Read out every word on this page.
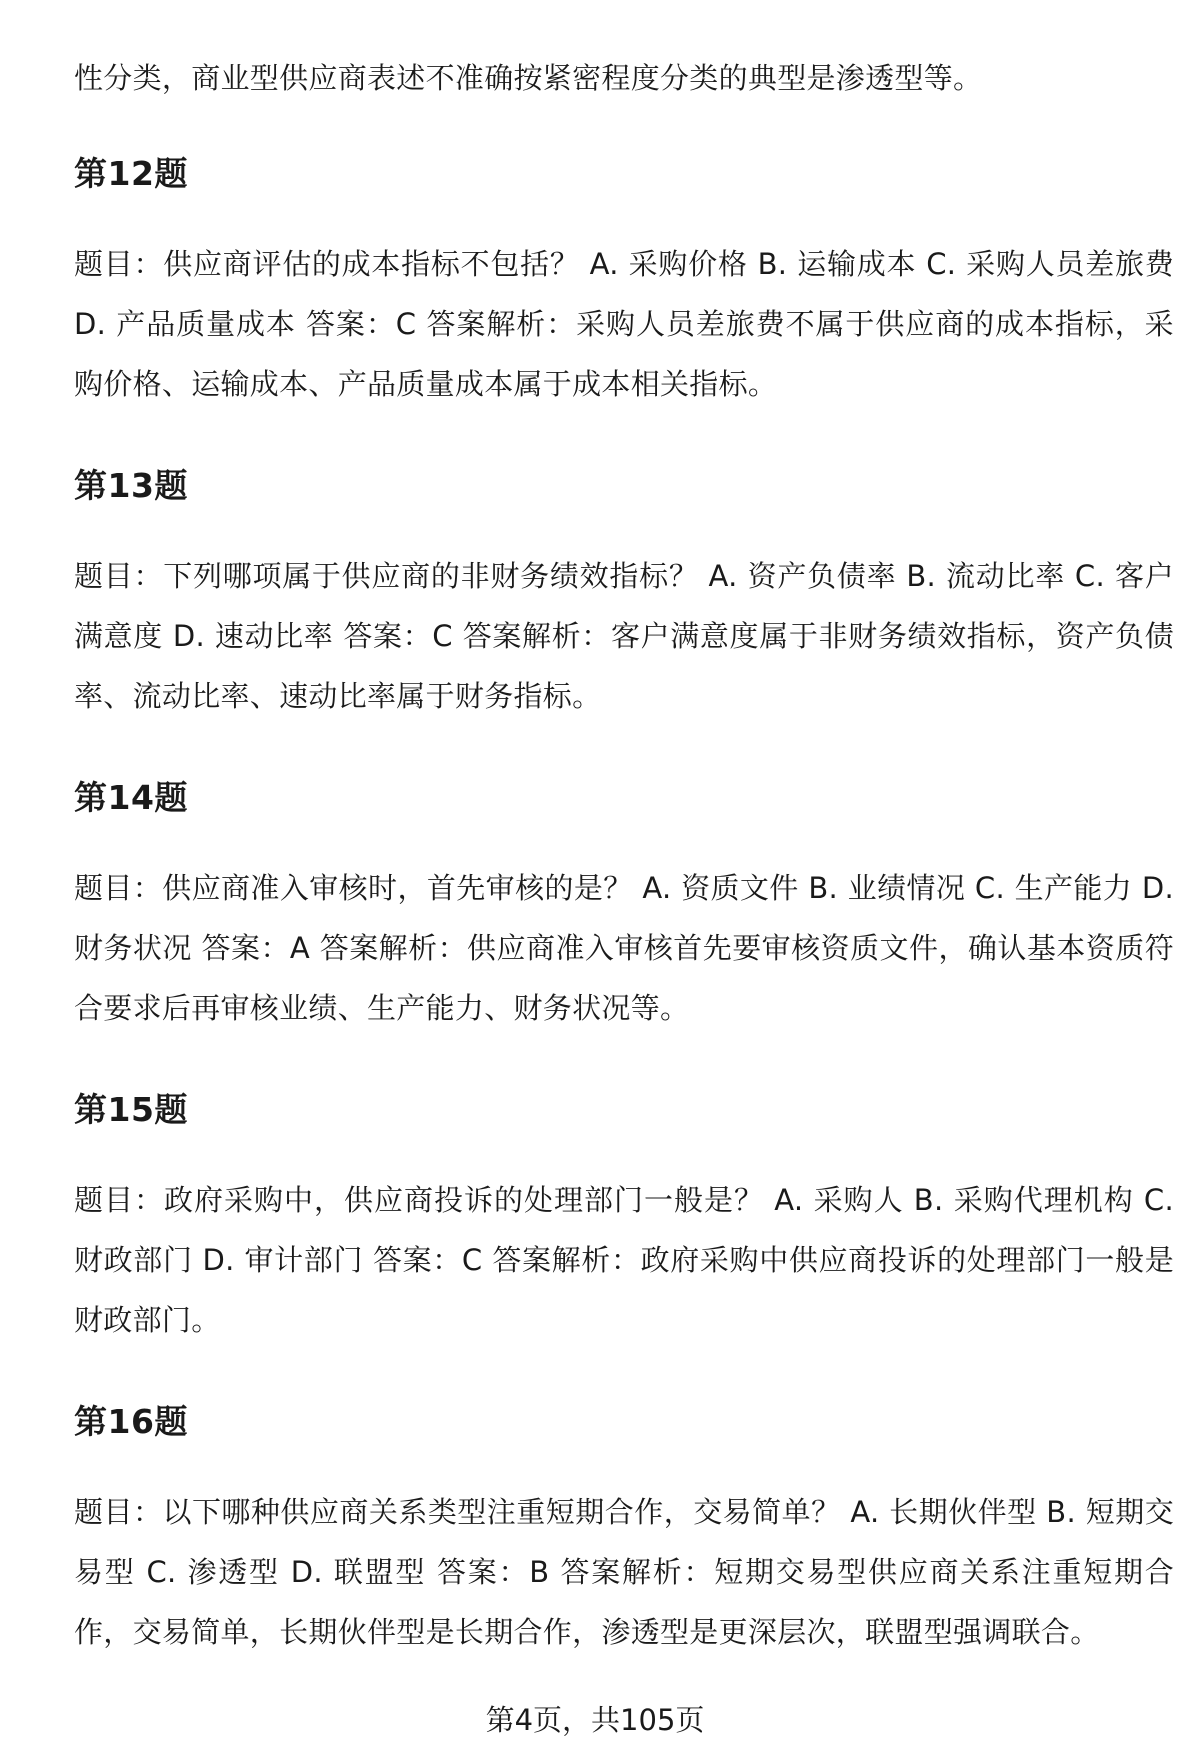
性分类，商业型供应商表述不准确按紧密程度分类的典型是渗透型等。

第12题

题目：供应商评估的成本指标不包括？ A. 采购价格 B. 运输成本 C. 采购人员差旅费 D. 产品质量成本 答案：C 答案解析：采购人员差旅费不属于供应商的成本指标，采购价格、运输成本、产品质量成本属于成本相关指标。

第13题

题目：下列哪项属于供应商的非财务绩效指标？ A. 资产负债率 B. 流动比率 C. 客户满意度 D. 速动比率 答案：C 答案解析：客户满意度属于非财务绩效指标，资产负债率、流动比率、速动比率属于财务指标。

第14题

题目：供应商准入审核时，首先审核的是？ A. 资质文件 B. 业绩情况 C. 生产能力 D. 财务状况 答案：A 答案解析：供应商准入审核首先要审核资质文件，确认基本资质符合要求后再审核业绩、生产能力、财务状况等。

第15题

题目：政府采购中，供应商投诉的处理部门一般是？ A. 采购人 B. 采购代理机构 C. 财政部门 D. 审计部门 答案：C 答案解析：政府采购中供应商投诉的处理部门一般是财政部门。

第16题

题目：以下哪种供应商关系类型注重短期合作，交易简单？ A. 长期伙伴型 B. 短期交易型 C. 渗透型 D. 联盟型 答案：B 答案解析：短期交易型供应商关系注重短期合作，交易简单，长期伙伴型是长期合作，渗透型是更深层次，联盟型强调联合。

第4页，共105页
